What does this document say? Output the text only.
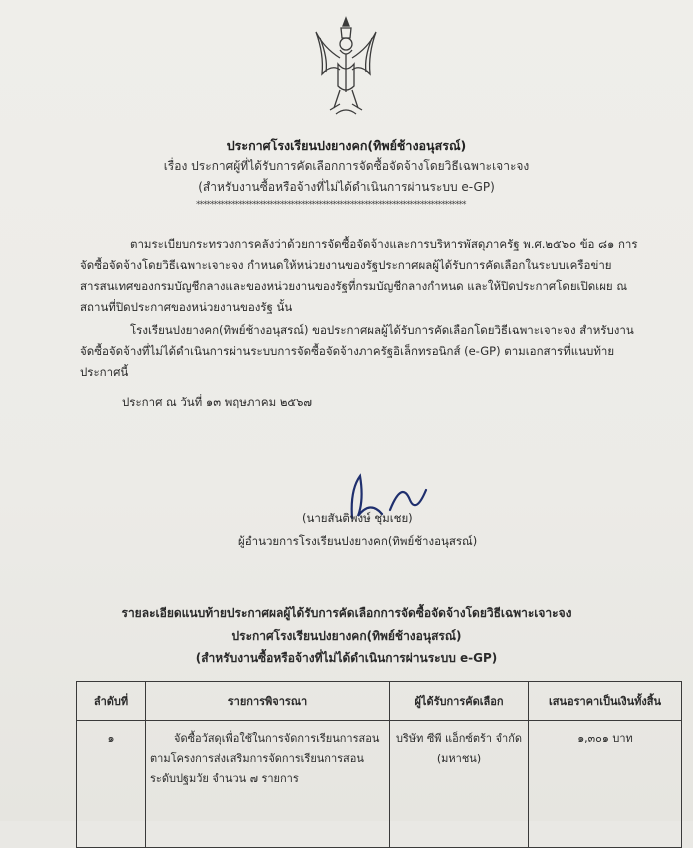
ประกาศโรงเรียนปงยางคก(ทิพย์ช้างอนุสรณ์)
เรื่อง ประกาศผู้ที่ได้รับการคัดเลือกการจัดซื้อจัดจ้างโดยวิธีเฉพาะเจาะจง
(สำหรับงานซื้อหรือจ้างที่ไม่ได้ดำเนินการผ่านระบบ e-GP)
*****************************************************************************
ตามระเบียบกระทรวงการคลังว่าด้วยการจัดซื้อจัดจ้างและการบริหารพัสดุภาครัฐ พ.ศ.๒๕๖๐ ข้อ ๘๑ การจัดซื้อจัดจ้างโดยวิธีเฉพาะเจาะจง กำหนดให้หน่วยงานของรัฐประกาศผลผู้ได้รับการคัดเลือกในระบบเครือข่ายสารสนเทศของกรมบัญชีกลางและของหน่วยงานของรัฐที่กรมบัญชีกลางกำหนด และให้ปิดประกาศโดยเปิดเผย ณ สถานที่ปิดประกาศของหน่วยงานของรัฐ นั้น
โรงเรียนปงยางคก(ทิพย์ช้างอนุสรณ์) ขอประกาศผลผู้ได้รับการคัดเลือกโดยวิธีเฉพาะเจาะจง สำหรับงานจัดซื้อจัดจ้างที่ไม่ได้ดำเนินการผ่านระบบการจัดซื้อจัดจ้างภาครัฐอิเล็กทรอนิกส์ (e-GP) ตามเอกสารที่แนบท้ายประกาศนี้
ประกาศ ณ วันที่ ๑๓ พฤษภาคม ๒๕๖๗
(นายสันติพงษ์ ชุ่มเชย)
ผู้อำนวยการโรงเรียนปงยางคก(ทิพย์ช้างอนุสรณ์)
รายละเอียดแนบท้ายประกาศผลผู้ได้รับการคัดเลือกการจัดซื้อจัดจ้างโดยวิธีเฉพาะเจาะจง
ประกาศโรงเรียนปงยางคก(ทิพย์ช้างอนุสรณ์)
(สำหรับงานซื้อหรือจ้างที่ไม่ได้ดำเนินการผ่านระบบ e-GP)
ลำดับที่	รายการพิจารณา	ผู้ได้รับการคัดเลือก	เสนอราคาเป็นเงินทั้งสิ้น
๑	จัดซื้อวัสดุเพื่อใช้ในการจัดการเรียนการสอน ตามโครงการส่งเสริมการจัดการเรียนการสอนระดับปฐมวัย จำนวน ๗ รายการ	บริษัท ซีพี แอ็กซ์ตร้า จำกัด (มหาชน)	๑,๓๐๑ บาท
